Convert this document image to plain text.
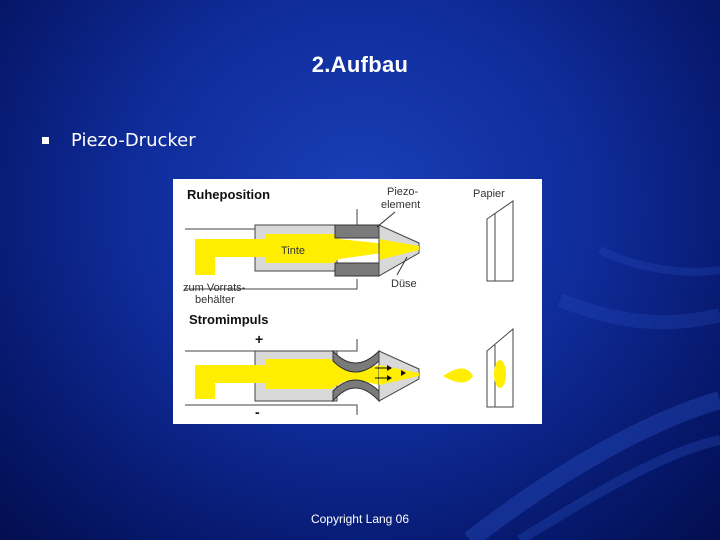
2.Aufbau
Piezo-Drucker
Ruheposition	Piezo-
element
Papier
Tinte
Düse
zum Vorrats-
behälter
Stromimpuls
+
-
Copyright Lang 06
